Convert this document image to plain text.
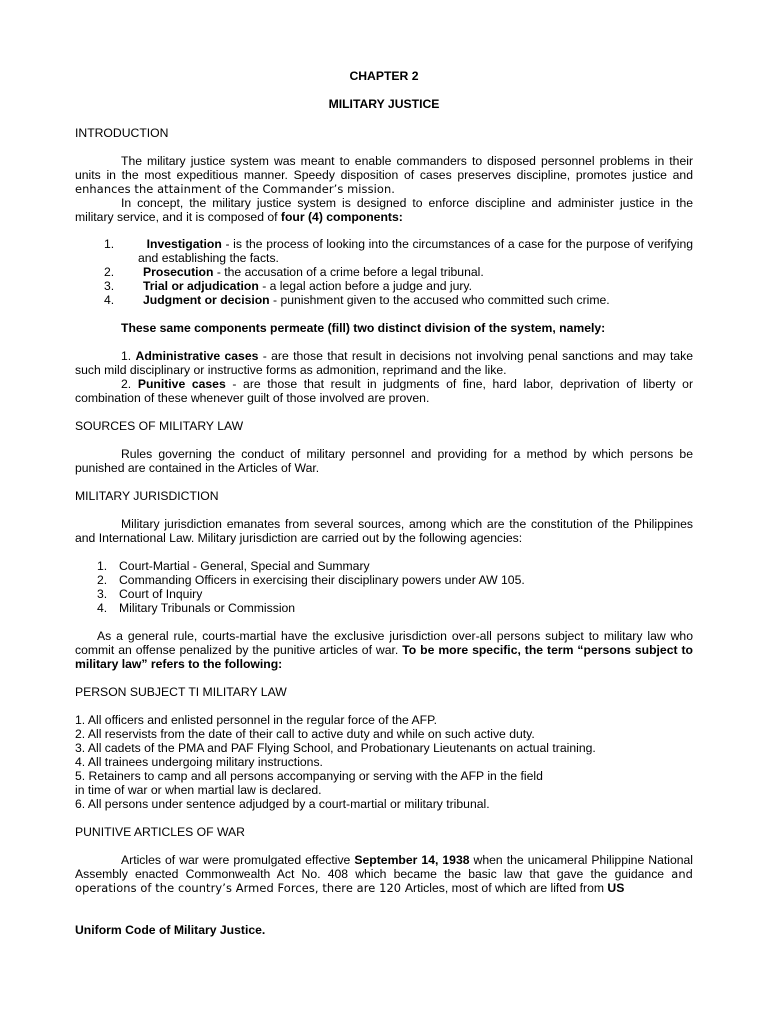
CHAPTER 2

MILITARY JUSTICE

INTRODUCTION

The military justice system was meant to enable commanders to disposed personnel problems in their units in the most expeditious manner. Speedy disposition of cases preserves discipline, promotes justice and enhances the attainment of the Commander’s mission.

In concept, the military justice system is designed to enforce discipline and administer justice in the military service, and it is composed of four (4) components:

1.	Investigation - is the process of looking into the circumstances of a case for the purpose of verifying and establishing the facts.

2. Prosecution - the accusation of a crime before a legal tribunal.

3. Trial or adjudication - a legal action before a judge and jury.

4. Judgment or decision - punishment given to the accused who committed such crime.

These same components permeate (fill) two distinct division of the system, namely:

1. Administrative cases - are those that result in decisions not involving penal sanctions and may take such mild disciplinary or instructive forms as admonition, reprimand and the like.

2. Punitive cases - are those that result in judgments of fine, hard labor, deprivation of liberty or combination of these whenever guilt of those involved are proven.

SOURCES OF MILITARY LAW

Rules governing the conduct of military personnel and providing for a method by which persons be punished are contained in the Articles of War.

MILITARY JURISDICTION

Military jurisdiction emanates from several sources, among which are the constitution of the Philippines and International Law. Military jurisdiction are carried out by the following agencies:

1. Court-Martial - General, Special and Summary

2. Commanding Officers in exercising their disciplinary powers under AW 105.

3. Court of Inquiry

4. Military Tribunals or Commission

As a general rule, courts-martial have the exclusive jurisdiction over-all persons subject to military law who commit an offense penalized by the punitive articles of war. To be more specific, the term “persons subject to military law” refers to the following:

PERSON SUBJECT TI MILITARY LAW

1. All officers and enlisted personnel in the regular force of the AFP.

2. All reservists from the date of their call to active duty and while on such active duty.

3. All cadets of the PMA and PAF Flying School, and Probationary Lieutenants on actual training.

4. All trainees undergoing military instructions.

5. Retainers to camp and all persons accompanying or serving with the AFP in the field

in time of war or when martial law is declared.

6. All persons under sentence adjudged by a court-martial or military tribunal.

PUNITIVE ARTICLES OF WAR

Articles of war were promulgated effective September 14, 1938 when the unicameral Philippine National Assembly enacted Commonwealth Act No. 408 which became the basic law that gave the guidance and operations of the country’s Armed Forces, there are 120 Articles, most of which are lifted from US

Uniform Code of Military Justice.
